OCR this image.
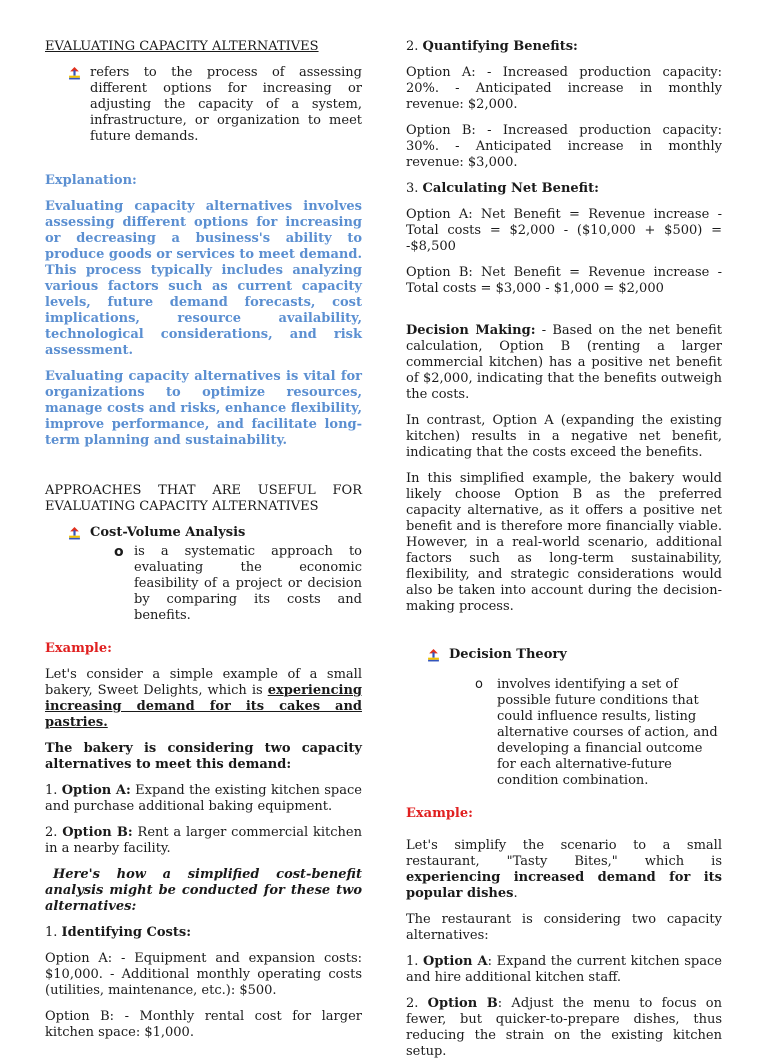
EVALUATING CAPACITY ALTERNATIVES

refers to the process of assessing different options for increasing or adjusting the capacity of a system, infrastructure, or organization to meet future demands.

Explanation:

Evaluating capacity alternatives involves assessing different options for increasing or decreasing a business's ability to produce goods or services to meet demand. This process typically includes analyzing various factors such as current capacity levels, future demand forecasts, cost implications, resource availability, technological considerations, and risk assessment.

Evaluating capacity alternatives is vital for organizations to optimize resources, manage costs and risks, enhance flexibility, improve performance, and facilitate long-term planning and sustainability.

APPROACHES THAT ARE USEFUL FOR EVALUATING CAPACITY ALTERNATIVES

Cost-Volume Analysis
o is a systematic approach to evaluating the economic feasibility of a project or decision by comparing its costs and benefits.

Example:

Let's consider a simple example of a small bakery, Sweet Delights, which is experiencing increasing demand for its cakes and pastries.

The bakery is considering two capacity alternatives to meet this demand:

1. Option A: Expand the existing kitchen space and purchase additional baking equipment.

2. Option B: Rent a larger commercial kitchen in a nearby facility.

Here's how a simplified cost-benefit analysis might be conducted for these two alternatives:

1. Identifying Costs:

Option A: - Equipment and expansion costs: $10,000. - Additional monthly operating costs (utilities, maintenance, etc.): $500.

Option B: - Monthly rental cost for larger kitchen space: $1,000.

2. Quantifying Benefits:

Option A: - Increased production capacity: 20%. - Anticipated increase in monthly revenue: $2,000.

Option B: - Increased production capacity: 30%. - Anticipated increase in monthly revenue: $3,000.

3. Calculating Net Benefit:

Option A: Net Benefit = Revenue increase - Total costs = $2,000 - ($10,000 + $500) = -$8,500

Option B: Net Benefit = Revenue increase - Total costs = $3,000 - $1,000 = $2,000

Decision Making: - Based on the net benefit calculation, Option B (renting a larger commercial kitchen) has a positive net benefit of $2,000, indicating that the benefits outweigh the costs.

In contrast, Option A (expanding the existing kitchen) results in a negative net benefit, indicating that the costs exceed the benefits.

In this simplified example, the bakery would likely choose Option B as the preferred capacity alternative, as it offers a positive net benefit and is therefore more financially viable. However, in a real-world scenario, additional factors such as long-term sustainability, flexibility, and strategic considerations would also be taken into account during the decision-making process.

Decision Theory
o	involves identifying a set of possible future conditions that could influence results, listing alternative courses of action, and developing a financial outcome for each alternative-future condition combination.

Example:

Let's simplify the scenario to a small restaurant, "Tasty Bites," which is experiencing increased demand for its popular dishes.

The restaurant is considering two capacity alternatives:

1. Option A: Expand the current kitchen space and hire additional kitchen staff.

2. Option B: Adjust the menu to focus on fewer, but quicker-to-prepare dishes, thus reducing the strain on the existing kitchen setup.
